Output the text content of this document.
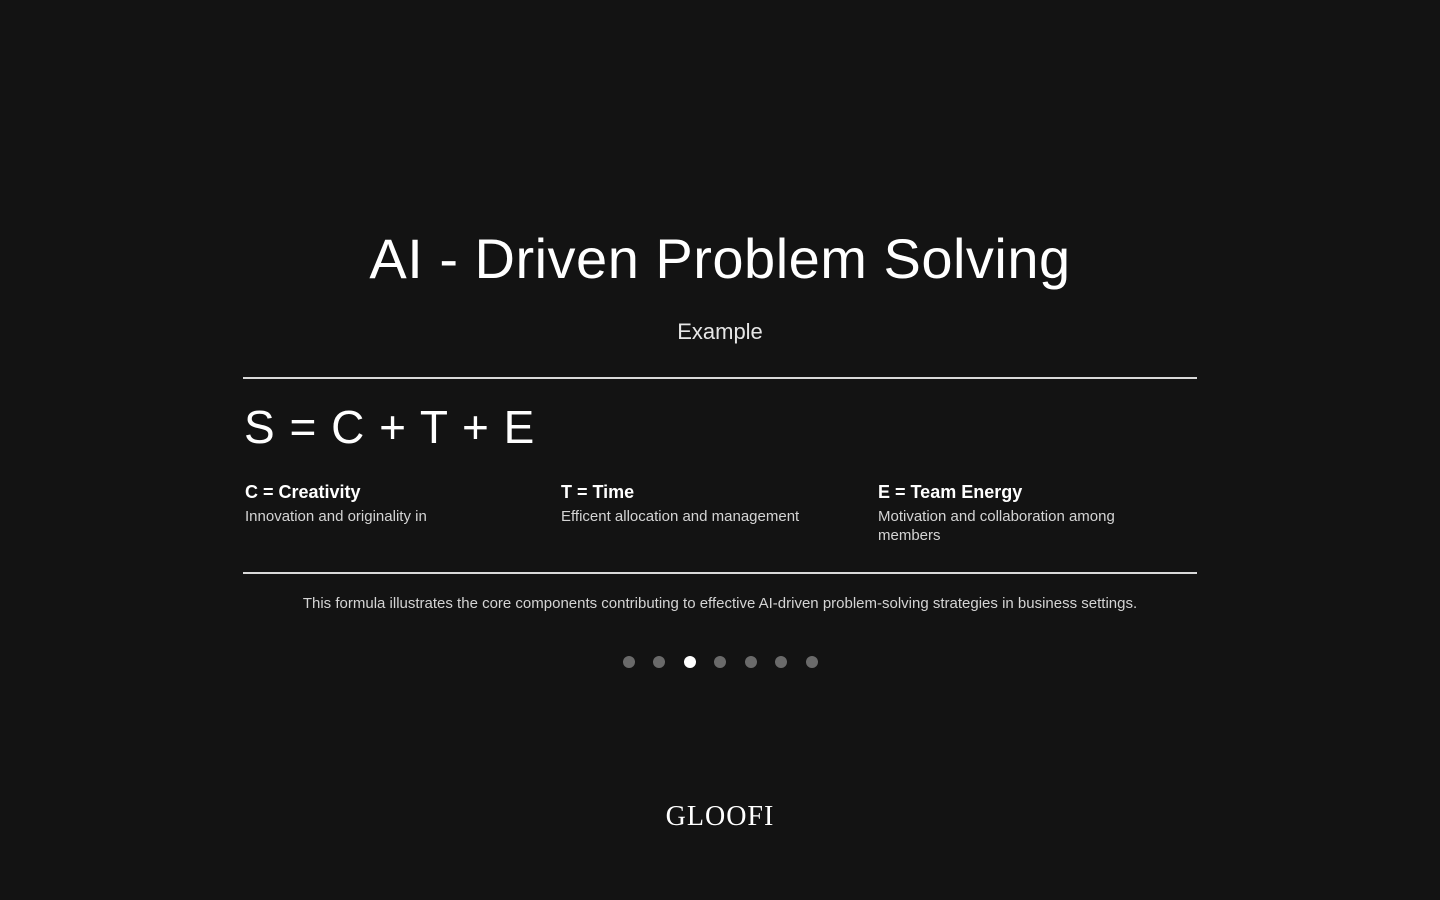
AI - Driven Problem Solving
Example
S = C + T + E
C = Creativity
Innovation and originality in
T = Time
Efficent allocation and management
E = Team Energy
Motivation and collaboration among members
This formula illustrates the core components contributing to effective AI-driven problem-solving strategies in business settings.
GLOOFI
